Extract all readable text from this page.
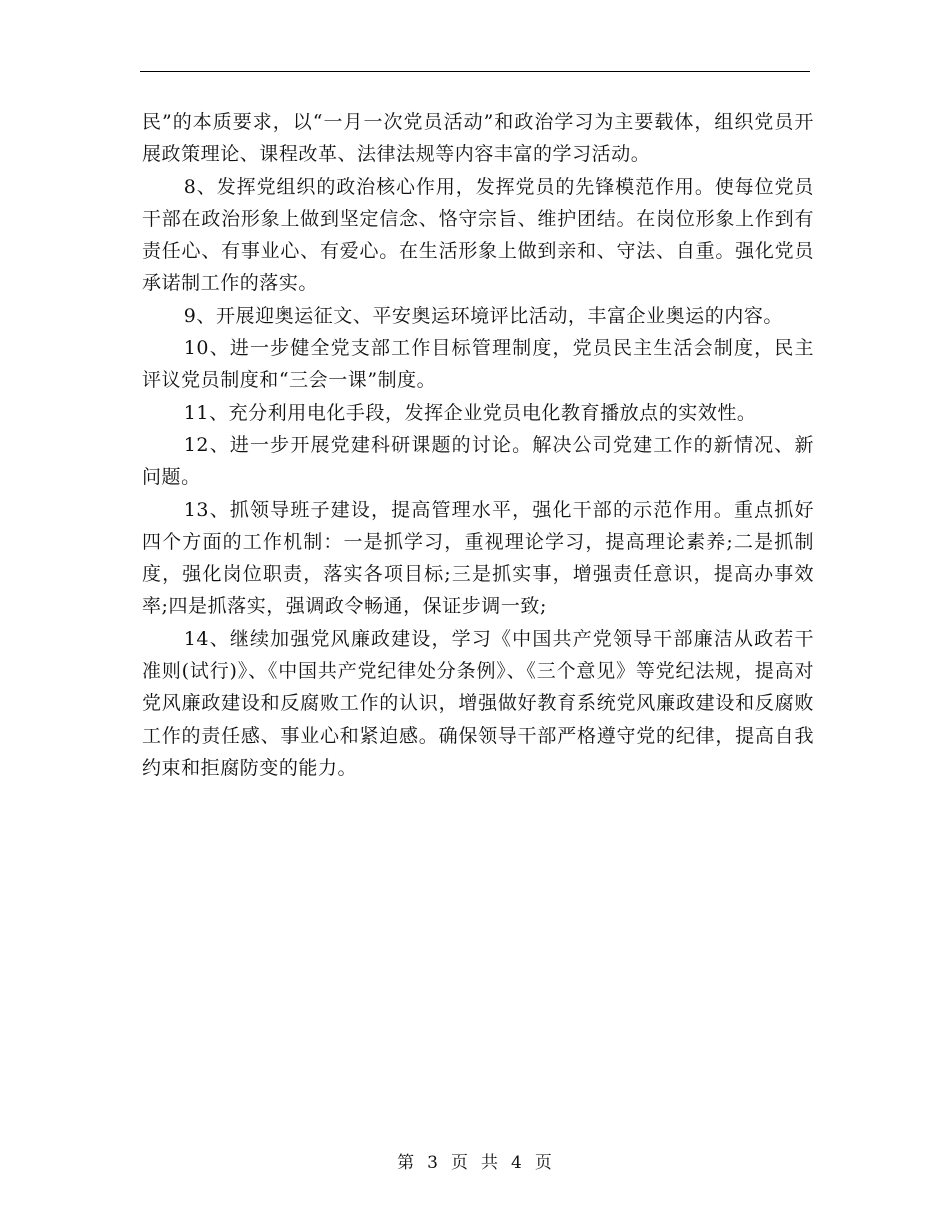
民”的本质要求，以“一月一次党员活动”和政治学习为主要载体，组织党员开展政策理论、课程改革、法律法规等内容丰富的学习活动。

8、发挥党组织的政治核心作用，发挥党员的先锋模范作用。使每位党员干部在政治形象上做到坚定信念、恪守宗旨、维护团结。在岗位形象上作到有责任心、有事业心、有爱心。在生活形象上做到亲和、守法、自重。强化党员承诺制工作的落实。

9、开展迎奥运征文、平安奥运环境评比活动，丰富企业奥运的内容。

10、进一步健全党支部工作目标管理制度，党员民主生活会制度，民主评议党员制度和“三会一课”制度。

11、充分利用电化手段，发挥企业党员电化教育播放点的实效性。

12、进一步开展党建科研课题的讨论。解决公司党建工作的新情况、新问题。

13、抓领导班子建设，提高管理水平，强化干部的示范作用。重点抓好四个方面的工作机制：一是抓学习，重视理论学习，提高理论素养;二是抓制度，强化岗位职责，落实各项目标;三是抓实事，增强责任意识，提高办事效率;四是抓落实，强调政令畅通，保证步调一致;

14、继续加强党风廉政建设，学习《中国共产党领导干部廉洁从政若干准则(试行)》、《中国共产党纪律处分条例》、《三个意见》等党纪法规，提高对党风廉政建设和反腐败工作的认识，增强做好教育系统党风廉政建设和反腐败工作的责任感、事业心和紧迫感。确保领导干部严格遵守党的纪律，提高自我约束和拒腐防变的能力。

第 3 页 共 4 页
